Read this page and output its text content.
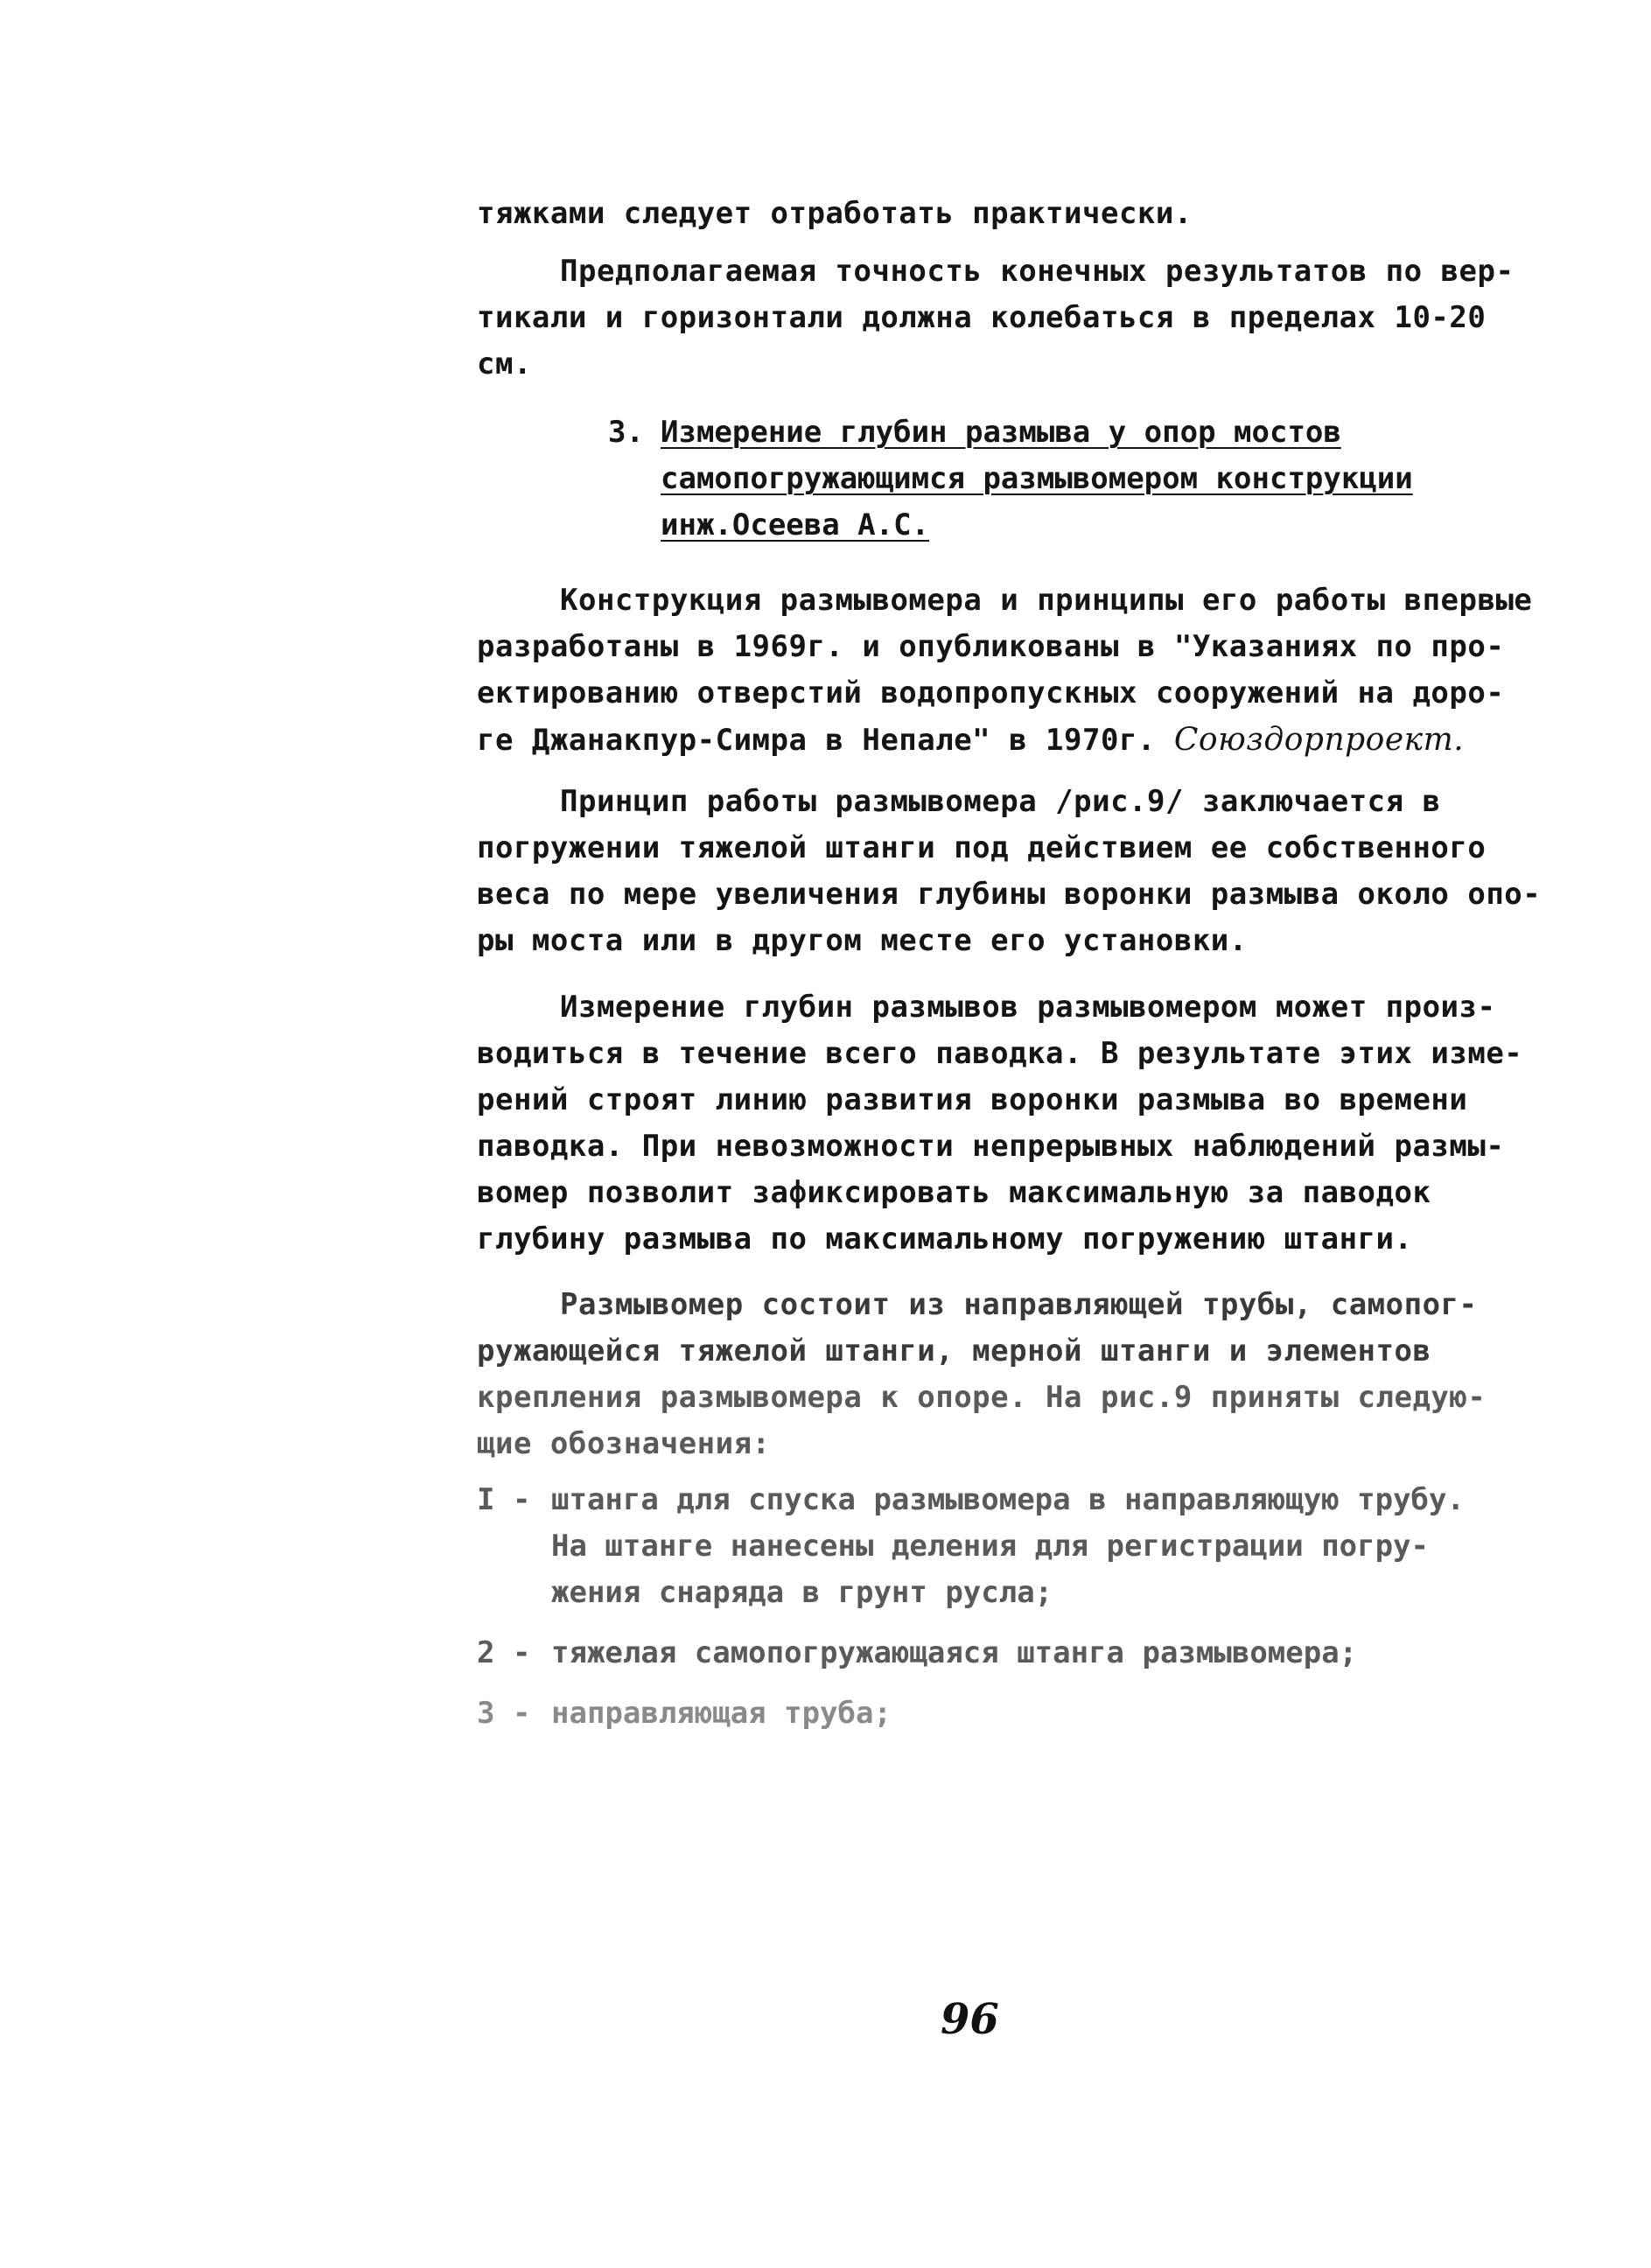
тяжками следует отработать практически.
Предполагаемая точность конечных результатов по вер-
тикали и горизонтали должна колебаться в пределах 10-20
см.
3. Измерение глубин размыва у опор мостов
самопогружающимся размывомером конструкции
инж.Осеева А.С.
Конструкция размывомера и принципы его работы впервые
разработаны в 1969г. и опубликованы в "Указаниях по про-
ектированию отверстий водопропускных сооружений на доро-
ге Джанакпур-Симра в Непале" в 1970г. Союздорпроект.
Принцип работы размывомера /рис.9/ заключается в
погружении тяжелой штанги под действием ее собственного
веса по мере увеличения глубины воронки размыва около опо-
ры моста или в другом месте его установки.
Измерение глубин размывов размывомером может произ-
водиться в течение всего паводка. В результате этих изме-
рений строят линию развития воронки размыва во времени
паводка. При невозможности непрерывных наблюдений размы-
вомер позволит зафиксировать максимальную за паводок
глубину размыва по максимальному погружению штанги.
Размывомер состоит из направляющей трубы, самопог-
ружающейся тяжелой штанги, мерной штанги и элементов
крепления размывомера к опоре. На рис.9 приняты следую-
щие обозначения:
I - штанга для спуска размывомера в направляющую трубу.
На штанге нанесены деления для регистрации погру-
жения снаряда в грунт русла;
2 - тяжелая самопогружающаяся штанга размывомера;
3 - направляющая труба;
96
